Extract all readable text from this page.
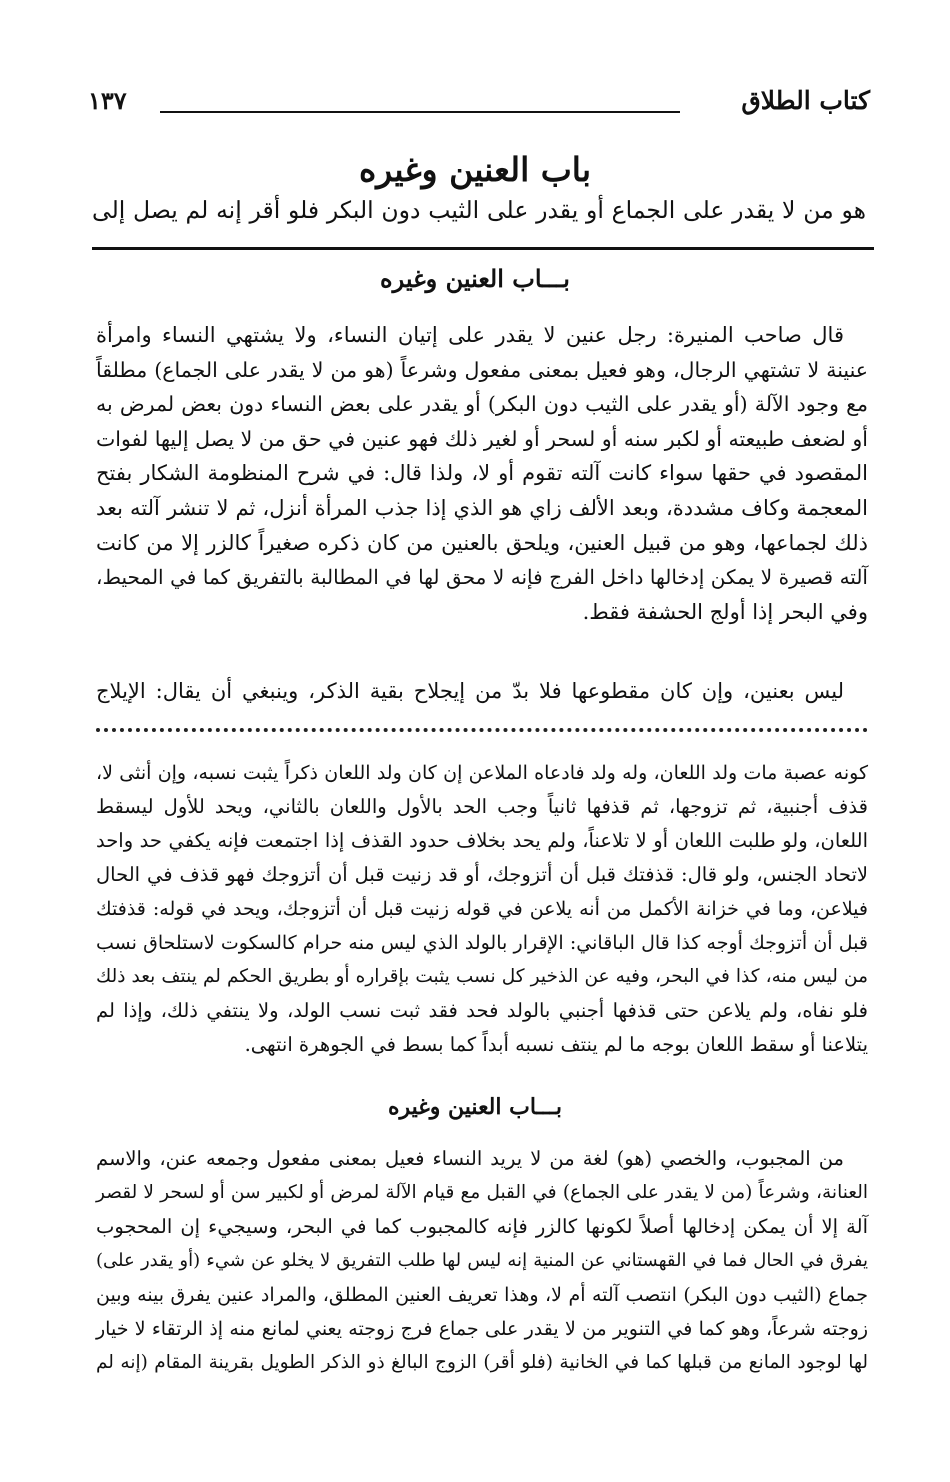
كتاب الطلاق
١٣٧
باب العنين وغيره
هو من لا يقدر على الجماع أو يقدر على الثيب دون البكر فلو أقر إنه لم يصل إلى
بـــاب العنين وغيره
قال صاحب المنيرة: رجل عنين لا يقدر على إتيان النساء، ولا يشتهي النساء وامرأة
عنينة لا تشتهي الرجال، وهو فعيل بمعنى مفعول وشرعاً (هو من لا يقدر على الجماع) مطلقاً
مع وجود الآلة (أو يقدر على الثيب دون البكر) أو يقدر على بعض النساء دون بعض لمرض به
أو لضعف طبيعته أو لكبر سنه أو لسحر أو لغير ذلك فهو عنين في حق من لا يصل إليها لفوات
المقصود في حقها سواء كانت آلته تقوم أو لا، ولذا قال: في شرح المنظومة الشكار بفتح
المعجمة وكاف مشددة، وبعد الألف زاي هو الذي إذا جذب المرأة أنزل، ثم لا تنشر آلته بعد
ذلك لجماعها، وهو من قبيل العنين، ويلحق بالعنين من كان ذكره صغيراً كالزر إلا من كانت
آلته قصيرة لا يمكن إدخالها داخل الفرج فإنه لا محق لها في المطالبة بالتفريق كما في المحيط،
وفي البحر إذا أولج الحشفة فقط.
ليس بعنين، وإن كان مقطوعها فلا بدّ من إيجلاح بقية الذكر، وينبغي أن يقال: الإيلاج
كونه عصبة مات ولد اللعان، وله ولد فادعاه الملاعن إن كان ولد اللعان ذكراً يثبت نسبه، وإن أنثى لا،
قذف أجنبية، ثم تزوجها، ثم قذفها ثانياً وجب الحد بالأول واللعان بالثاني، ويحد للأول ليسقط
اللعان، ولو طلبت اللعان أو لا تلاعناً، ولم يحد بخلاف حدود القذف إذا اجتمعت فإنه يكفي حد واحد
لاتحاد الجنس، ولو قال: قذفتك قبل أن أتزوجك، أو قد زنيت قبل أن أتزوجك فهو قذف في الحال
فيلاعن، وما في خزانة الأكمل من أنه يلاعن في قوله زنيت قبل أن أتزوجك، ويحد في قوله: قذفتك
قبل أن أتزوجك أوجه كذا قال الباقاني: الإقرار بالولد الذي ليس منه حرام كالسكوت لاستلحاق نسب
من ليس منه، كذا في البحر، وفيه عن الذخير كل نسب يثبت بإقراره أو بطريق الحكم لم ينتف بعد ذلك
فلو نفاه، ولم يلاعن حتى قذفها أجنبي بالولد فحد فقد ثبت نسب الولد، ولا ينتفي ذلك، وإذا لم
يتلاعنا أو سقط اللعان بوجه ما لم ينتف نسبه أبداً كما بسط في الجوهرة انتهى.
بـــاب العنين وغيره
من المجبوب، والخصي (هو) لغة من لا يريد النساء فعيل بمعنى مفعول وجمعه عنن، والاسم
العنانة، وشرعاً (من لا يقدر على الجماع) في القبل مع قيام الآلة لمرض أو لكبير سن أو لسحر لا لقصر
آلة إلا أن يمكن إدخالها أصلاً لكونها كالزر فإنه كالمجبوب كما في البحر، وسيجيء إن المحجوب
يفرق في الحال فما في القهستاني عن المنية إنه ليس لها طلب التفريق لا يخلو عن شيء (أو يقدر على)
جماع (الثيب دون البكر) انتصب آلته أم لا، وهذا تعريف العنين المطلق، والمراد عنين يفرق بينه وبين
زوجته شرعاً، وهو كما في التنوير من لا يقدر على جماع فرج زوجته يعني لمانع منه إذ الرتقاء لا خيار
لها لوجود المانع من قبلها كما في الخانية (فلو أقر) الزوج البالغ ذو الذكر الطويل بقرينة المقام (إنه لم
